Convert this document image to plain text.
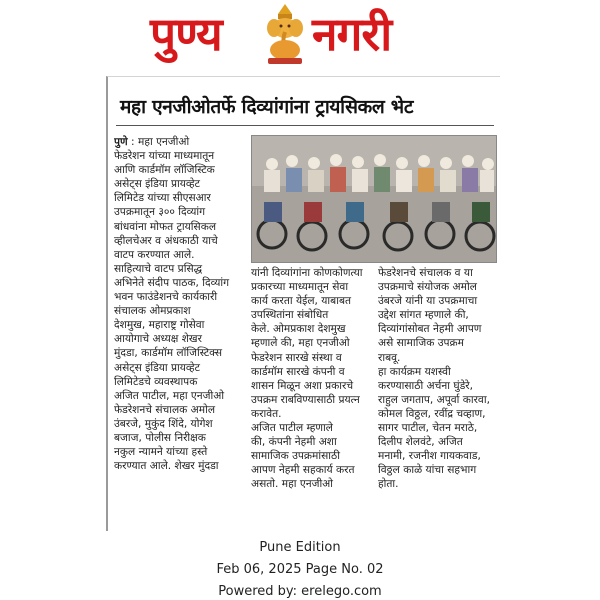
पुण्य नगरी
महा एनजीओतर्फे दिव्यांगांना ट्रायसिकल भेट
पुणे : महा एनजीओ
फेडरेशन यांच्या माध्यमातून
आणि कार्डमॉम लॉजिस्टिक
असेट्स इंडिया प्रायव्हेट
लिमिटेड यांच्या सीएसआर
उपक्रमातून ३०० दिव्यांग
बांधवांना मोफत ट्रायसिकल
व्हीलचेअर व अंधकाठी याचे
वाटप करण्यात आले.
साहित्याचे वाटप प्रसिद्ध
अभिनेते संदीप पाठक, दिव्यांग
भवन फाउंडेशनचे कार्यकारी
संचालक ओमप्रकाश
देशमुख, महाराष्ट्र गोसेवा
आयोगाचे अध्यक्ष शेखर
मुंदडा, कार्डमॉम लॉजिस्टिक्स
असेट्स इंडिया प्रायव्हेट
लिमिटेडचे व्यवस्थापक
अजित पाटील, महा एनजीओ
फेडरेशनचे संचालक अमोल
उंबरजे, मुकुंद शिंदे, योगेश
बजाज, पोलीस निरीक्षक
नकुल न्यामने यांच्या हस्ते
करण्यात आले. शेखर मुंदडा
यांनी दिव्यांगांना कोणकोणत्या
प्रकारच्या माध्यमातून सेवा
कार्य करता येईल, याबाबत
उपस्थितांना संबोधित
केले. ओमप्रकाश देशमुख
म्हणाले की, महा एनजीओ
फेडरेशन सारखे संस्था व
कार्डमॉम सारखे कंपनी व
शासन मिळून अशा प्रकारचे
उपक्रम राबविण्यासाठी प्रयत्न
करावेत.
अजित पाटील म्हणाले
की, कंपनी नेहमी अशा
सामाजिक उपक्रमांसाठी
आपण नेहमी सहकार्य करत
असतो. महा एनजीओ
फेडरेशनचे संचालक व या
उपक्रमाचे संयोजक अमोल
उंबरजे यांनी या उपक्रमाचा
उद्देश सांगत म्हणाले की,
दिव्यांगांसोबत नेहमी आपण
असे सामाजिक उपक्रम
राबवू.
हा कार्यक्रम यशस्वी
करण्यासाठी अर्चना घुंडेरे,
राहुल जगताप, अपूर्वा कारवा,
कोमल विठ्ठल, रवींद्र चव्हाण,
सागर पाटील, चेतन मराठे,
दिलीप शेलवंटे, अजित
मनामी, रजनीश गायकवाड,
विठ्ठल काळे यांचा सहभाग
होता.
Pune Edition
Feb 06, 2025 Page No. 02
Powered by: erelego.com
